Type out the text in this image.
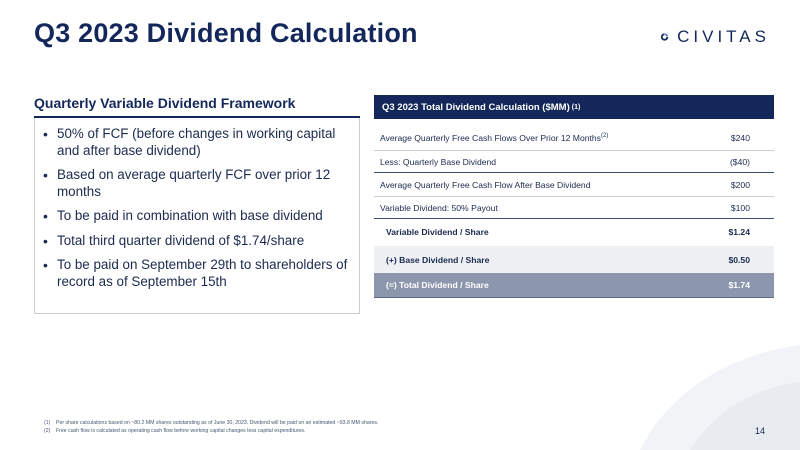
Q3 2023 Dividend Calculation	CIVITAS
Quarterly Variable Dividend Framework
• 50% of FCF (before changes in working capital and after base dividend)
• Based on average quarterly FCF over prior 12 months
• To be paid in combination with base dividend
• Total third quarter dividend of $1.74/share
• To be paid on September 29th to shareholders of record as of September 15th
Q3 2023 Total Dividend Calculation ($MM) (1)
Average Quarterly Free Cash Flows Over Prior 12 Months$^{(2)}$	$240
Less: Quarterly Base Dividend	($40)
Average Quarterly Free Cash Flow After Base Dividend	$200
Variable Dividend: 50% Payout	$100
Variable Dividend / Share	$1.24
(+) Base Dividend / Share	$0.50
(=) Total Dividend / Share	$1.74
(1)	Per share calculations based on ~80.2 MM shares outstanding as of June 30, 2023. Dividend will be paid on an estimated ~93.8 MM shares.
(2)	Free cash flow is calculated as operating cash flow before working capital changes less capital expenditures.	14
